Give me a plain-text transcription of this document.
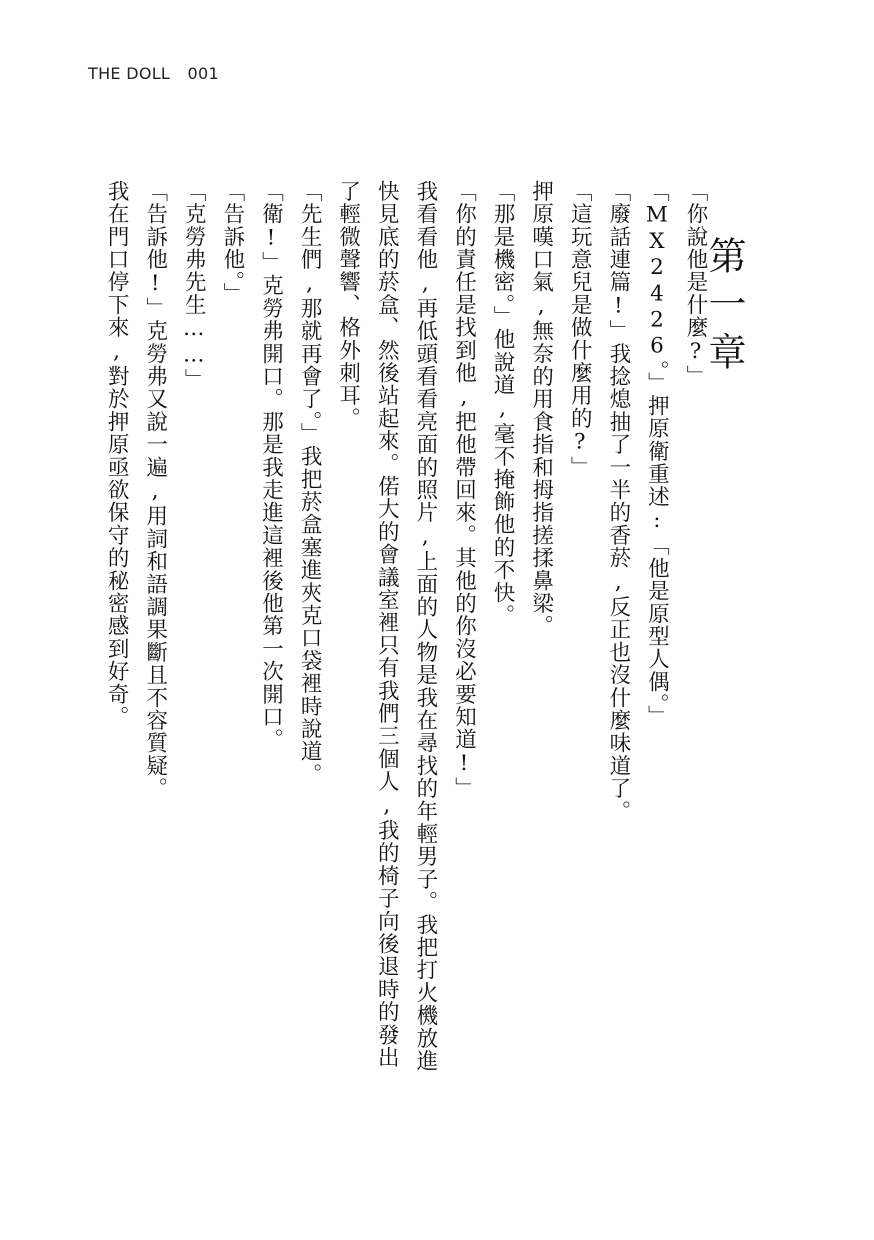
THE DOLL 001
第一章

「你說他是什麼?」

「MX2426。」押原衛重述:「他是原型人偶。」

「廢話連篇!」我捻熄抽了一半的香菸,反正也沒什麼味道了。

「這玩意兒是做什麼用的?」

押原嘆口氣,無奈的用食指和拇指搓揉鼻梁。

「那是機密。」他說道,毫不掩飾他的不快。

「你的責任是找到他,把他帶回來。其他的你沒必要知道!」

我看看他,再低頭看看亮面的照片,上面的人物是我在尋找的年輕男子。我把打火機放進快見底的菸盒、然後站起來。偌大的會議室裡只有我們三個人,我的椅子向後退時的發出了輕微聲響、格外刺耳。

「先生們,那就再會了。」我把菸盒塞進夾克口袋裡時說道。

「衛!」克勞弗開口。那是我走進這裡後他第一次開口。

「告訴他。」

「克勞弗先生……」

「告訴他!」克勞弗又說一遍,用詞和語調果斷且不容質疑。

我在門口停下來,對於押原亟欲保守的秘密感到好奇。
